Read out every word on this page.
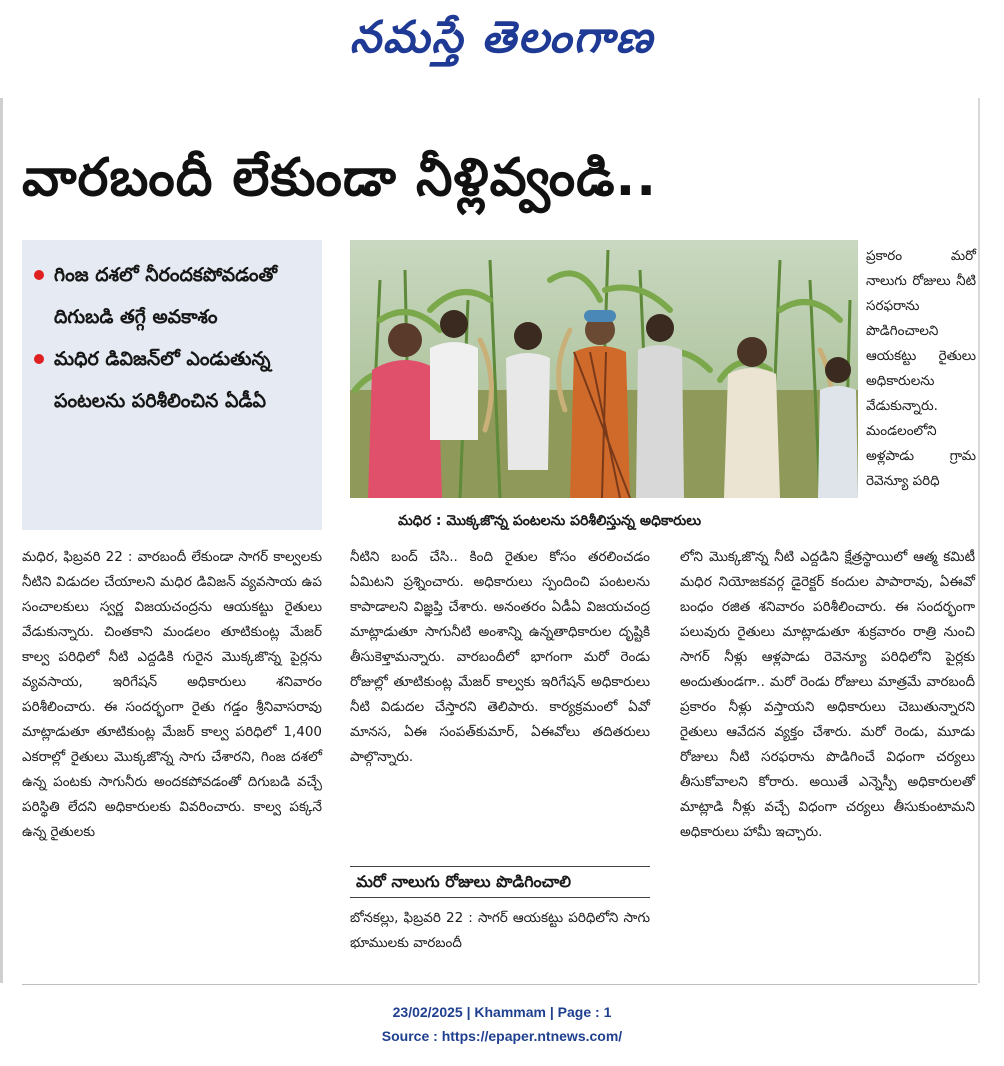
నమస్తే తెలంగాణ
వారబందీ లేకుండా నీళ్లివ్వండి..
గింజ దశలో నీరందకపోవడంతో దిగుబడి తగ్గే అవకాశం
మధిర డివిజన్‌లో ఎండుతున్న పంటలను పరిశీలించిన ఏడీఏ
మధిర : మొక్కజొన్న పంటలను పరిశీలిస్తున్న అధికారులు

ప్రకారం మరో నాలుగు రోజులు నీటి సరఫరాను పొడిగించాలని ఆయకట్టు రైతులు అధికారులను వేడుకున్నారు. మండలంలోని అళ్లపాడు గ్రామ రెవెన్యూ పరిధి

మధిర, ఫిబ్రవరి 22 : వారబందీ లేకుండా సాగర్ కాల్వలకు నీటిని విడుదల చేయాలని మధిర డివిజన్ వ్యవసాయ ఉప సంచాలకులు స్వర్ణ విజయచంద్రను ఆయకట్టు రైతులు వేడుకున్నారు. చింతకాని మండలం తూటికుంట్ల మేజర్ కాల్వ పరిధిలో నీటి ఎద్దడికి గురైన మొక్కజొన్న పైర్లను వ్యవసాయ, ఇరిగేషన్ అధికారులు శనివారం పరిశీలించారు. ఈ సందర్భంగా రైతు గడ్డం శ్రీనివాసరావు మాట్లాడుతూ తూటికుంట్ల మేజర్ కాల్వ పరిధిలో 1,400 ఎకరాల్లో రైతులు మొక్కజొన్న సాగు చేశారని, గింజ దశలో ఉన్న పంటకు సాగునీరు అందకపోవడంతో దిగుబడి వచ్చే పరిస్థితి లేదని అధికారులకు వివరించారు. కాల్వ పక్కనే ఉన్న రైతులకు

నీటిని బంద్ చేసి.. కింది రైతుల కోసం తరలించడం ఏమిటని ప్రశ్నించారు. అధికారులు స్పందించి పంటలను కాపాడాలని విజ్ఞప్తి చేశారు. అనంతరం ఏడీఏ విజయచంద్ర మాట్లాడుతూ సాగునీటి అంశాన్ని ఉన్నతాధికారుల దృష్టికి తీసుకెళ్తామన్నారు. వారబందీలో భాగంగా మరో రెండు రోజుల్లో తూటికుంట్ల మేజర్ కాల్వకు ఇరిగేషన్ అధికారులు నీటి విడుదల చేస్తారని తెలిపారు. కార్యక్రమంలో ఏవో మానస, ఏఈ సంపత్‌కుమార్, ఏఈవోలు తదితరులు పాల్గొన్నారు.

మరో నాలుగు రోజులు పొడిగించాలి

బోనకల్లు, ఫిబ్రవరి 22 : సాగర్ ఆయకట్టు పరిధిలోని సాగు భూములకు వారబందీ

లోని మొక్కజొన్న నీటి ఎద్దడిని క్షేత్రస్థాయిలో ఆత్మ కమిటీ మధిర నియోజకవర్గ డైరెక్టర్ కందుల పాపారావు, ఏఈవో బంధం రజిత శనివారం పరిశీలించారు. ఈ సందర్భంగా పలువురు రైతులు మాట్లాడుతూ శుక్రవారం రాత్రి నుంచి సాగర్ నీళ్లు ఆళ్లపాడు రెవెన్యూ పరిధిలోని పైర్లకు అందుతుండగా.. మరో రెండు రోజులు మాత్రమే వారబందీ ప్రకారం నీళ్లు వస్తాయని అధికారులు చెబుతున్నారని రైతులు ఆవేదన వ్యక్తం చేశారు. మరో రెండు, మూడు రోజులు నీటి సరఫరాను పొడిగించే విధంగా చర్యలు తీసుకోవాలని కోరారు. అయితే ఎన్నెస్పీ అధికారులతో మాట్లాడి నీళ్లు వచ్చే విధంగా చర్యలు తీసుకుంటామని అధికారులు హామీ ఇచ్చారు.

23/02/2025 | Khammam | Page : 1
Source : https://epaper.ntnews.com/
